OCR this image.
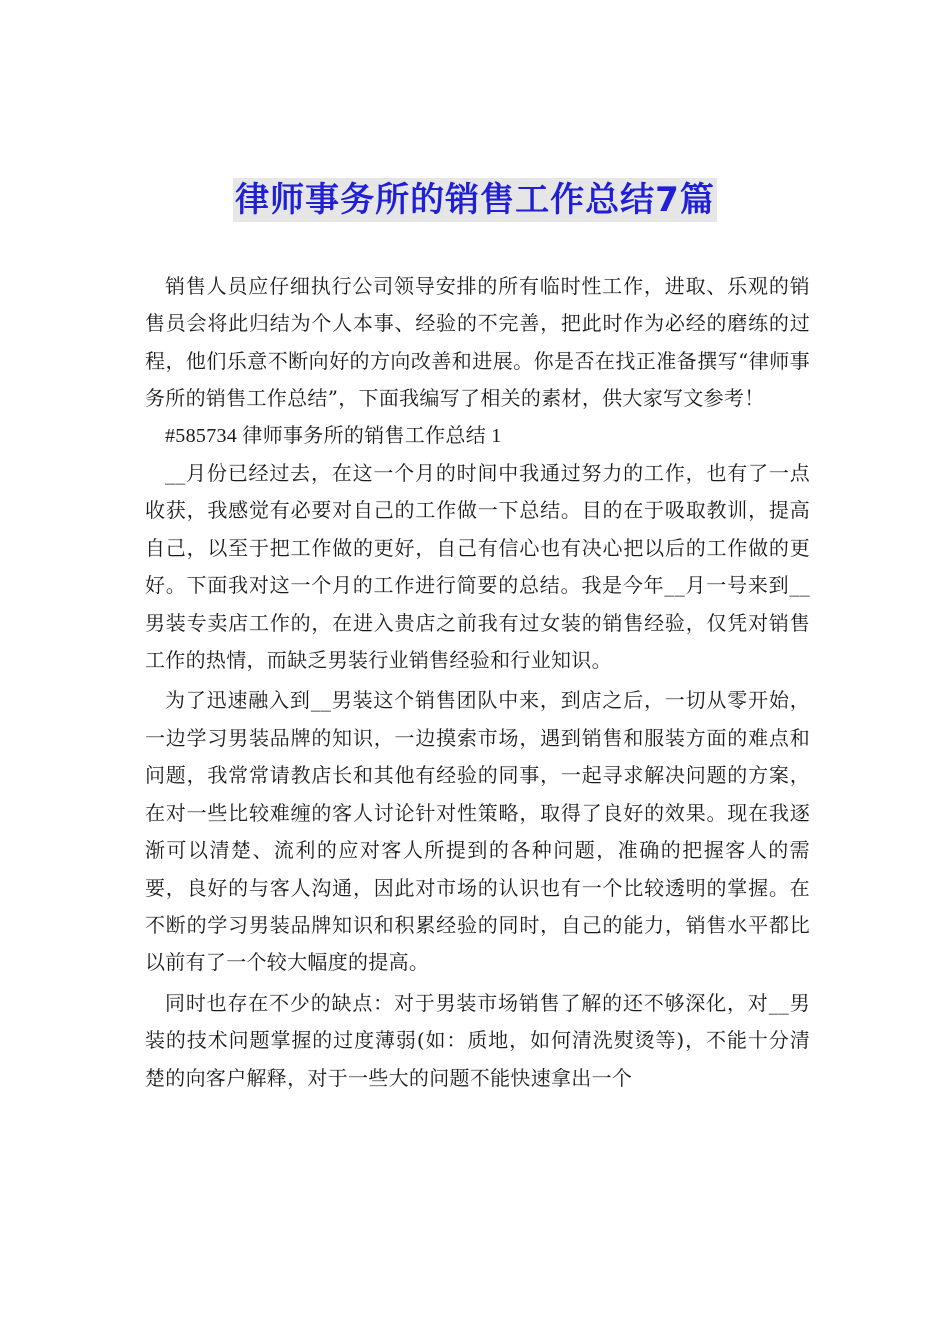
律师事务所的销售工作总结7篇

销售人员应仔细执行公司领导安排的所有临时性工作，进取、乐观的销售员会将此归结为个人本事、经验的不完善，把此时作为必经的磨练的过程，他们乐意不断向好的方向改善和进展。你是否在找正准备撰写“律师事务所的销售工作总结”，下面我编写了相关的素材，供大家写文参考！

#585734 律师事务所的销售工作总结 1

__月份已经过去，在这一个月的时间中我通过努力的工作，也有了一点收获，我感觉有必要对自己的工作做一下总结。目的在于吸取教训，提高自己，以至于把工作做的更好，自己有信心也有决心把以后的工作做的更好。下面我对这一个月的工作进行简要的总结。我是今年__月一号来到__男装专卖店工作的，在进入贵店之前我有过女装的销售经验，仅凭对销售工作的热情，而缺乏男装行业销售经验和行业知识。

为了迅速融入到__男装这个销售团队中来，到店之后，一切从零开始，一边学习男装品牌的知识，一边摸索市场，遇到销售和服装方面的难点和问题，我常常请教店长和其他有经验的同事，一起寻求解决问题的方案，在对一些比较难缠的客人讨论针对性策略，取得了良好的效果。现在我逐渐可以清楚、流利的应对客人所提到的各种问题，准确的把握客人的需要，良好的与客人沟通，因此对市场的认识也有一个比较透明的掌握。在不断的学习男装品牌知识和积累经验的同时，自己的能力，销售水平都比以前有了一个较大幅度的提高。

同时也存在不少的缺点：对于男装市场销售了解的还不够深化，对__男装的技术问题掌握的过度薄弱(如：质地，如何清洗熨烫等)，不能十分清楚的向客户解释，对于一些大的问题不能快速拿出一个
